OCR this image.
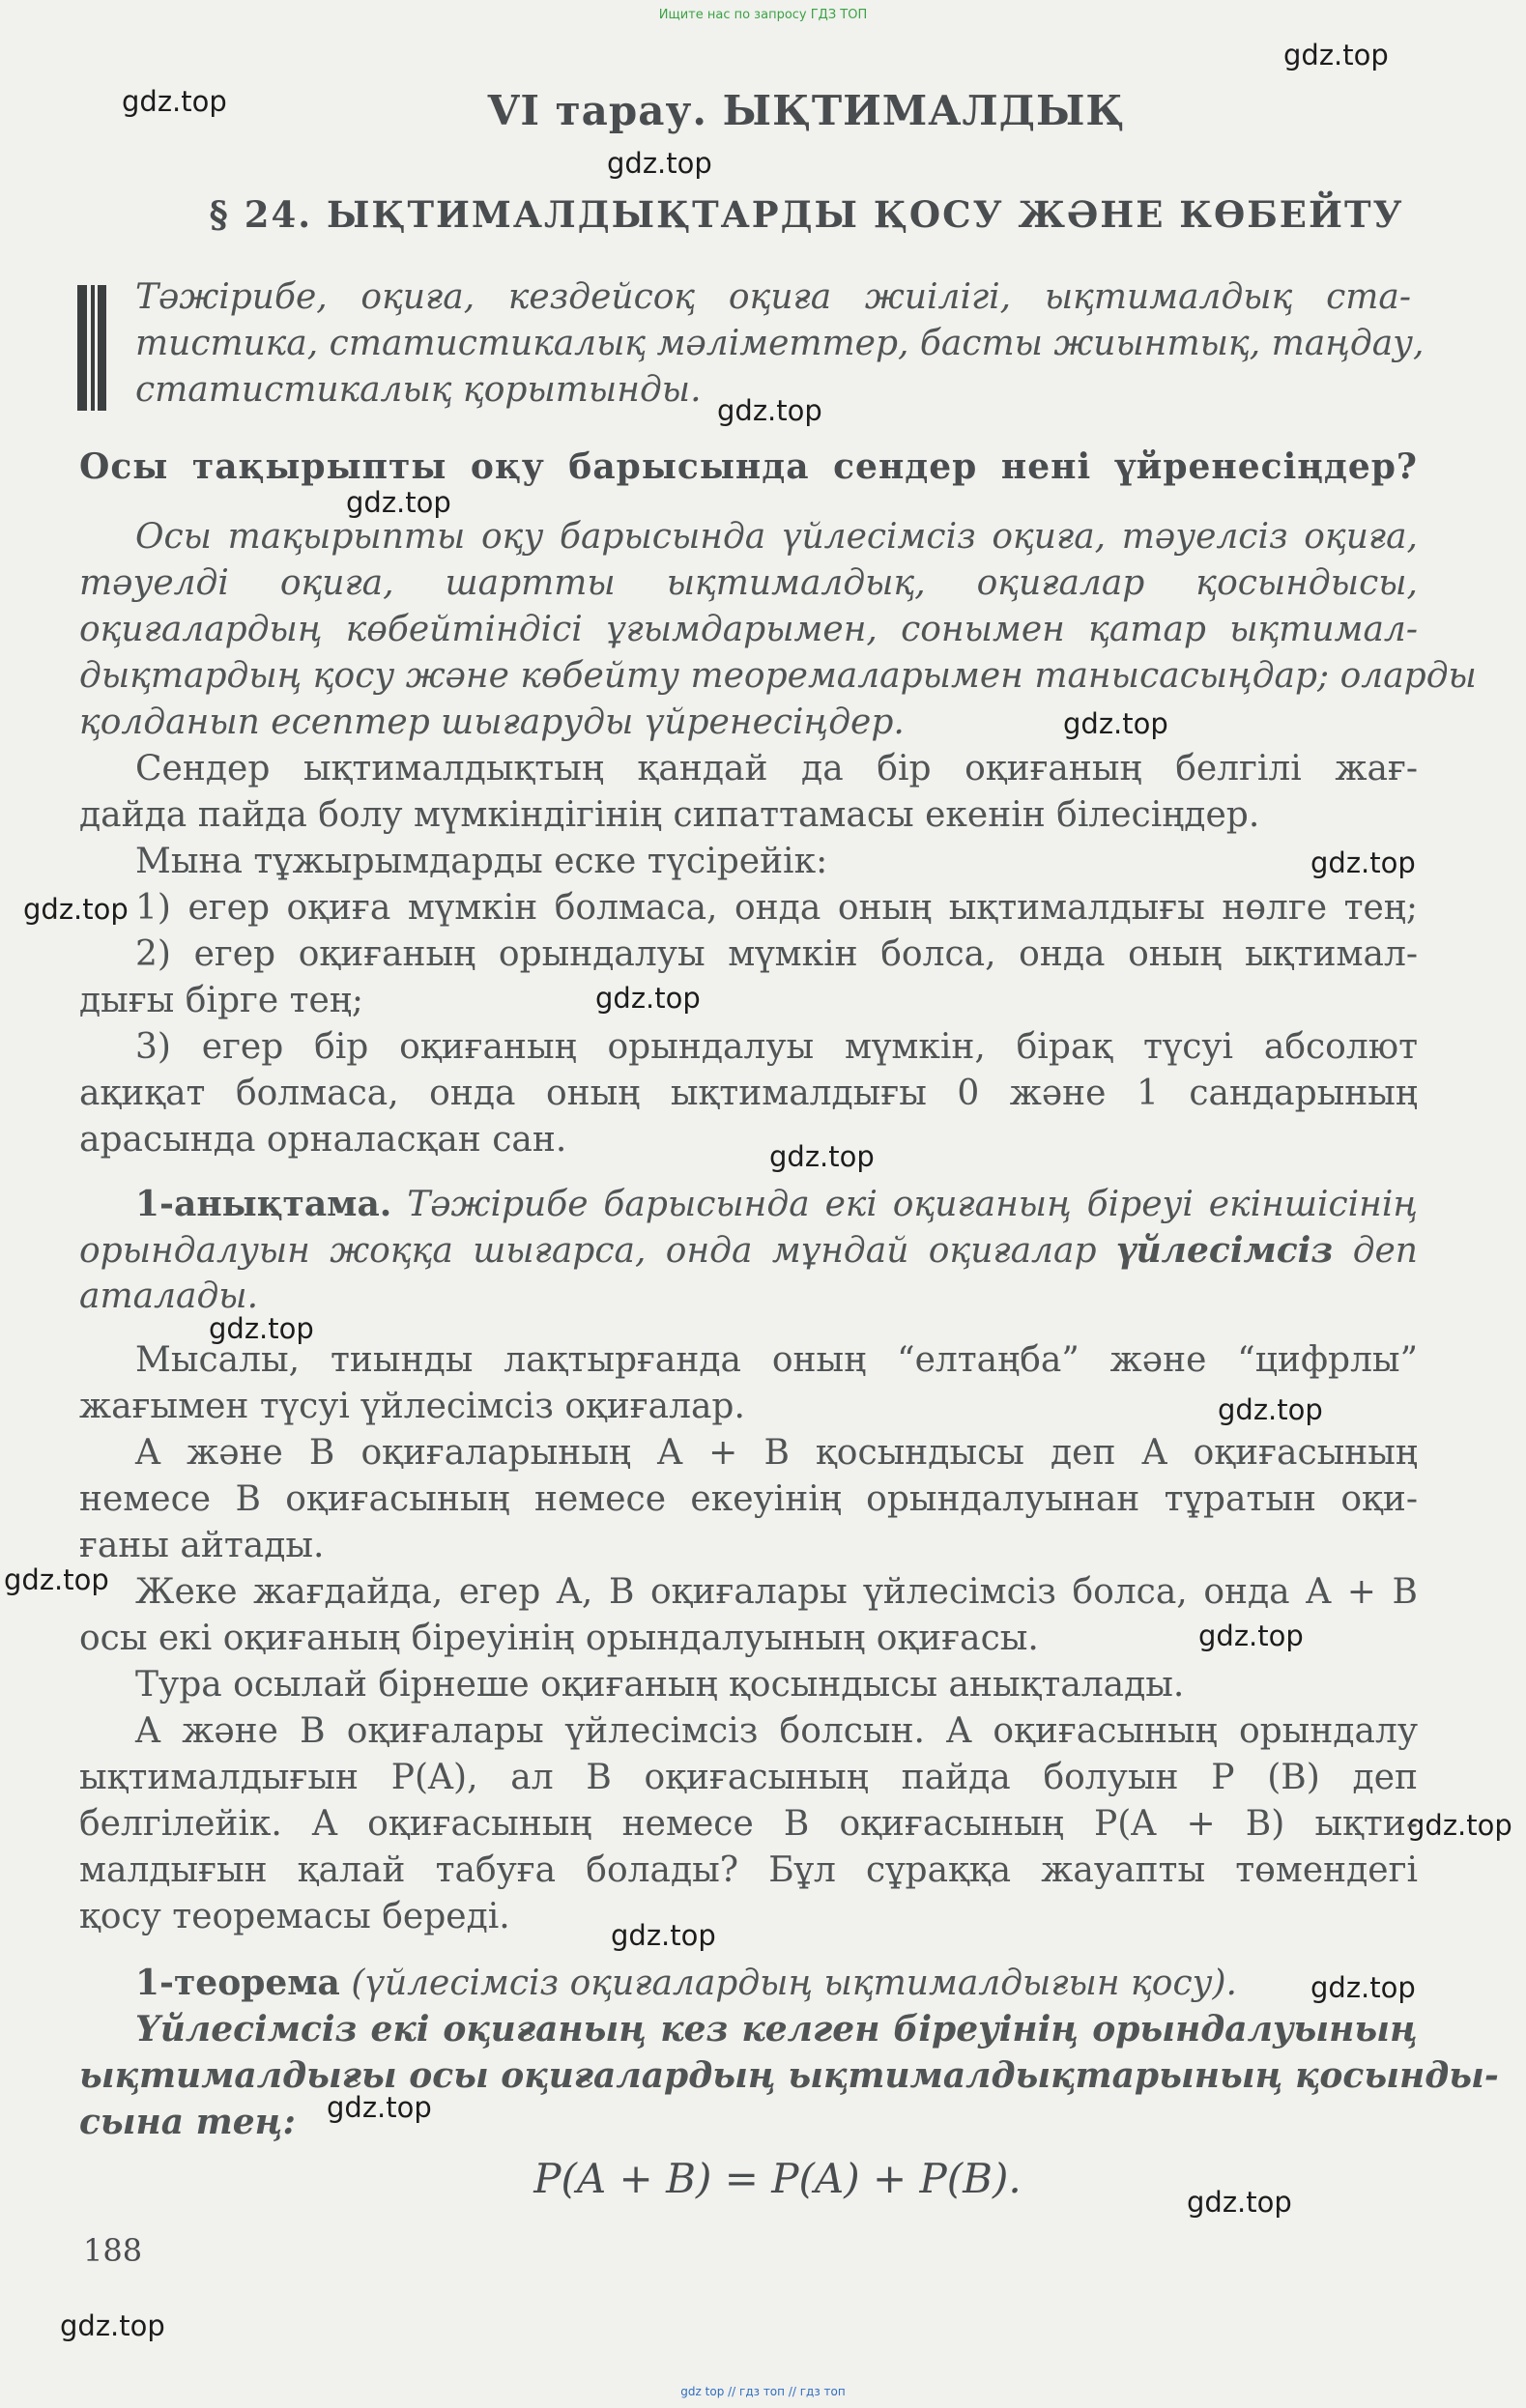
Ищите нас по запросу ГДЗ ТОП
gdz.top
gdz.top
gdz.top
gdz.top
gdz.top
gdz.top
gdz.top
gdz.top
gdz.top
gdz.top
gdz.top
gdz.top
gdz.top
gdz.top
gdz.top
gdz.top
gdz.top
gdz.top
gdz.top
gdz.top
VI тарау. ЫҚТИМАЛДЫҚ
§ 24. ЫҚТИМАЛДЫҚТАРДЫ ҚОСУ ЖӘНЕ КӨБЕЙТУ
Тәжірибе, оқиға, кездейсоқ оқиға жиілігі, ықтималдық ста-
тистика, статистикалық мәліметтер, басты жиынтық, таңдау,
статистикалық қорытынды.
Осы тақырыпты оқу барысында сендер нені үйренесіңдер?
Осы тақырыпты оқу барысында үйлесімсіз оқиға, тәуелсіз оқиға,
тәуелді оқиға, шартты ықтималдық, оқиғалар қосындысы,
оқиғалардың көбейтіндісі ұғымдарымен, сонымен қатар ықтимал-
дықтардың қосу және көбейту теоремаларымен танысасыңдар; оларды
қолданып есептер шығаруды үйренесіңдер.
Сендер ықтималдықтың қандай да бір оқиғаның белгілі жағ-
дайда пайда болу мүмкіндігінің сипаттамасы екенін білесіңдер.
Мына тұжырымдарды еске түсірейік:
1) егер оқиға мүмкін болмаса, онда оның ықтималдығы нөлге тең;
2) егер оқиғаның орындалуы мүмкін болса, онда оның ықтимал-
дығы бірге тең;
3) егер бір оқиғаның орындалуы мүмкін, бірақ түсуі абсолют
ақиқат болмаса, онда оның ықтималдығы 0 және 1 сандарының
арасында орналасқан сан.
1-анықтама. Тәжірибе барысында екі оқиғаның біреуі екіншісінің
орындалуын жоққа шығарса, онда мұндай оқиғалар үйлесімсіз деп
аталады.
Мысалы, тиынды лақтырғанда оның “елтаңба” және “цифрлы”
жағымен түсуі үйлесімсіз оқиғалар.
A және B оқиғаларының A + B қосындысы деп A оқиғасының
немесе B оқиғасының немесе екеуінің орындалуынан тұратын оқи-
ғаны айтады.
Жеке жағдайда, егер A, B оқиғалары үйлесімсіз болса, онда A + B
осы екі оқиғаның біреуінің орындалуының оқиғасы.
Тура осылай бірнеше оқиғаның қосындысы анықталады.
A және B оқиғалары үйлесімсіз болсын. A оқиғасының орындалу
ықтималдығын P(A), ал B оқиғасының пайда болуын P (B) деп
белгілейік. A оқиғасының немесе B оқиғасының P(A + B) ықти-
малдығын қалай табуға болады? Бұл сұраққа жауапты төмендегі
қосу теоремасы береді.
1-теорема (үйлесімсіз оқиғалардың ықтималдығын қосу).
Үйлесімсіз екі оқиғаның кез келген біреуінің орындалуының
ықтималдығы осы оқиғалардың ықтималдықтарының қосынды-
сына тең:
P(A + B) = P(A) + P(B).
188
gdz top // гдз топ // гдз топ
